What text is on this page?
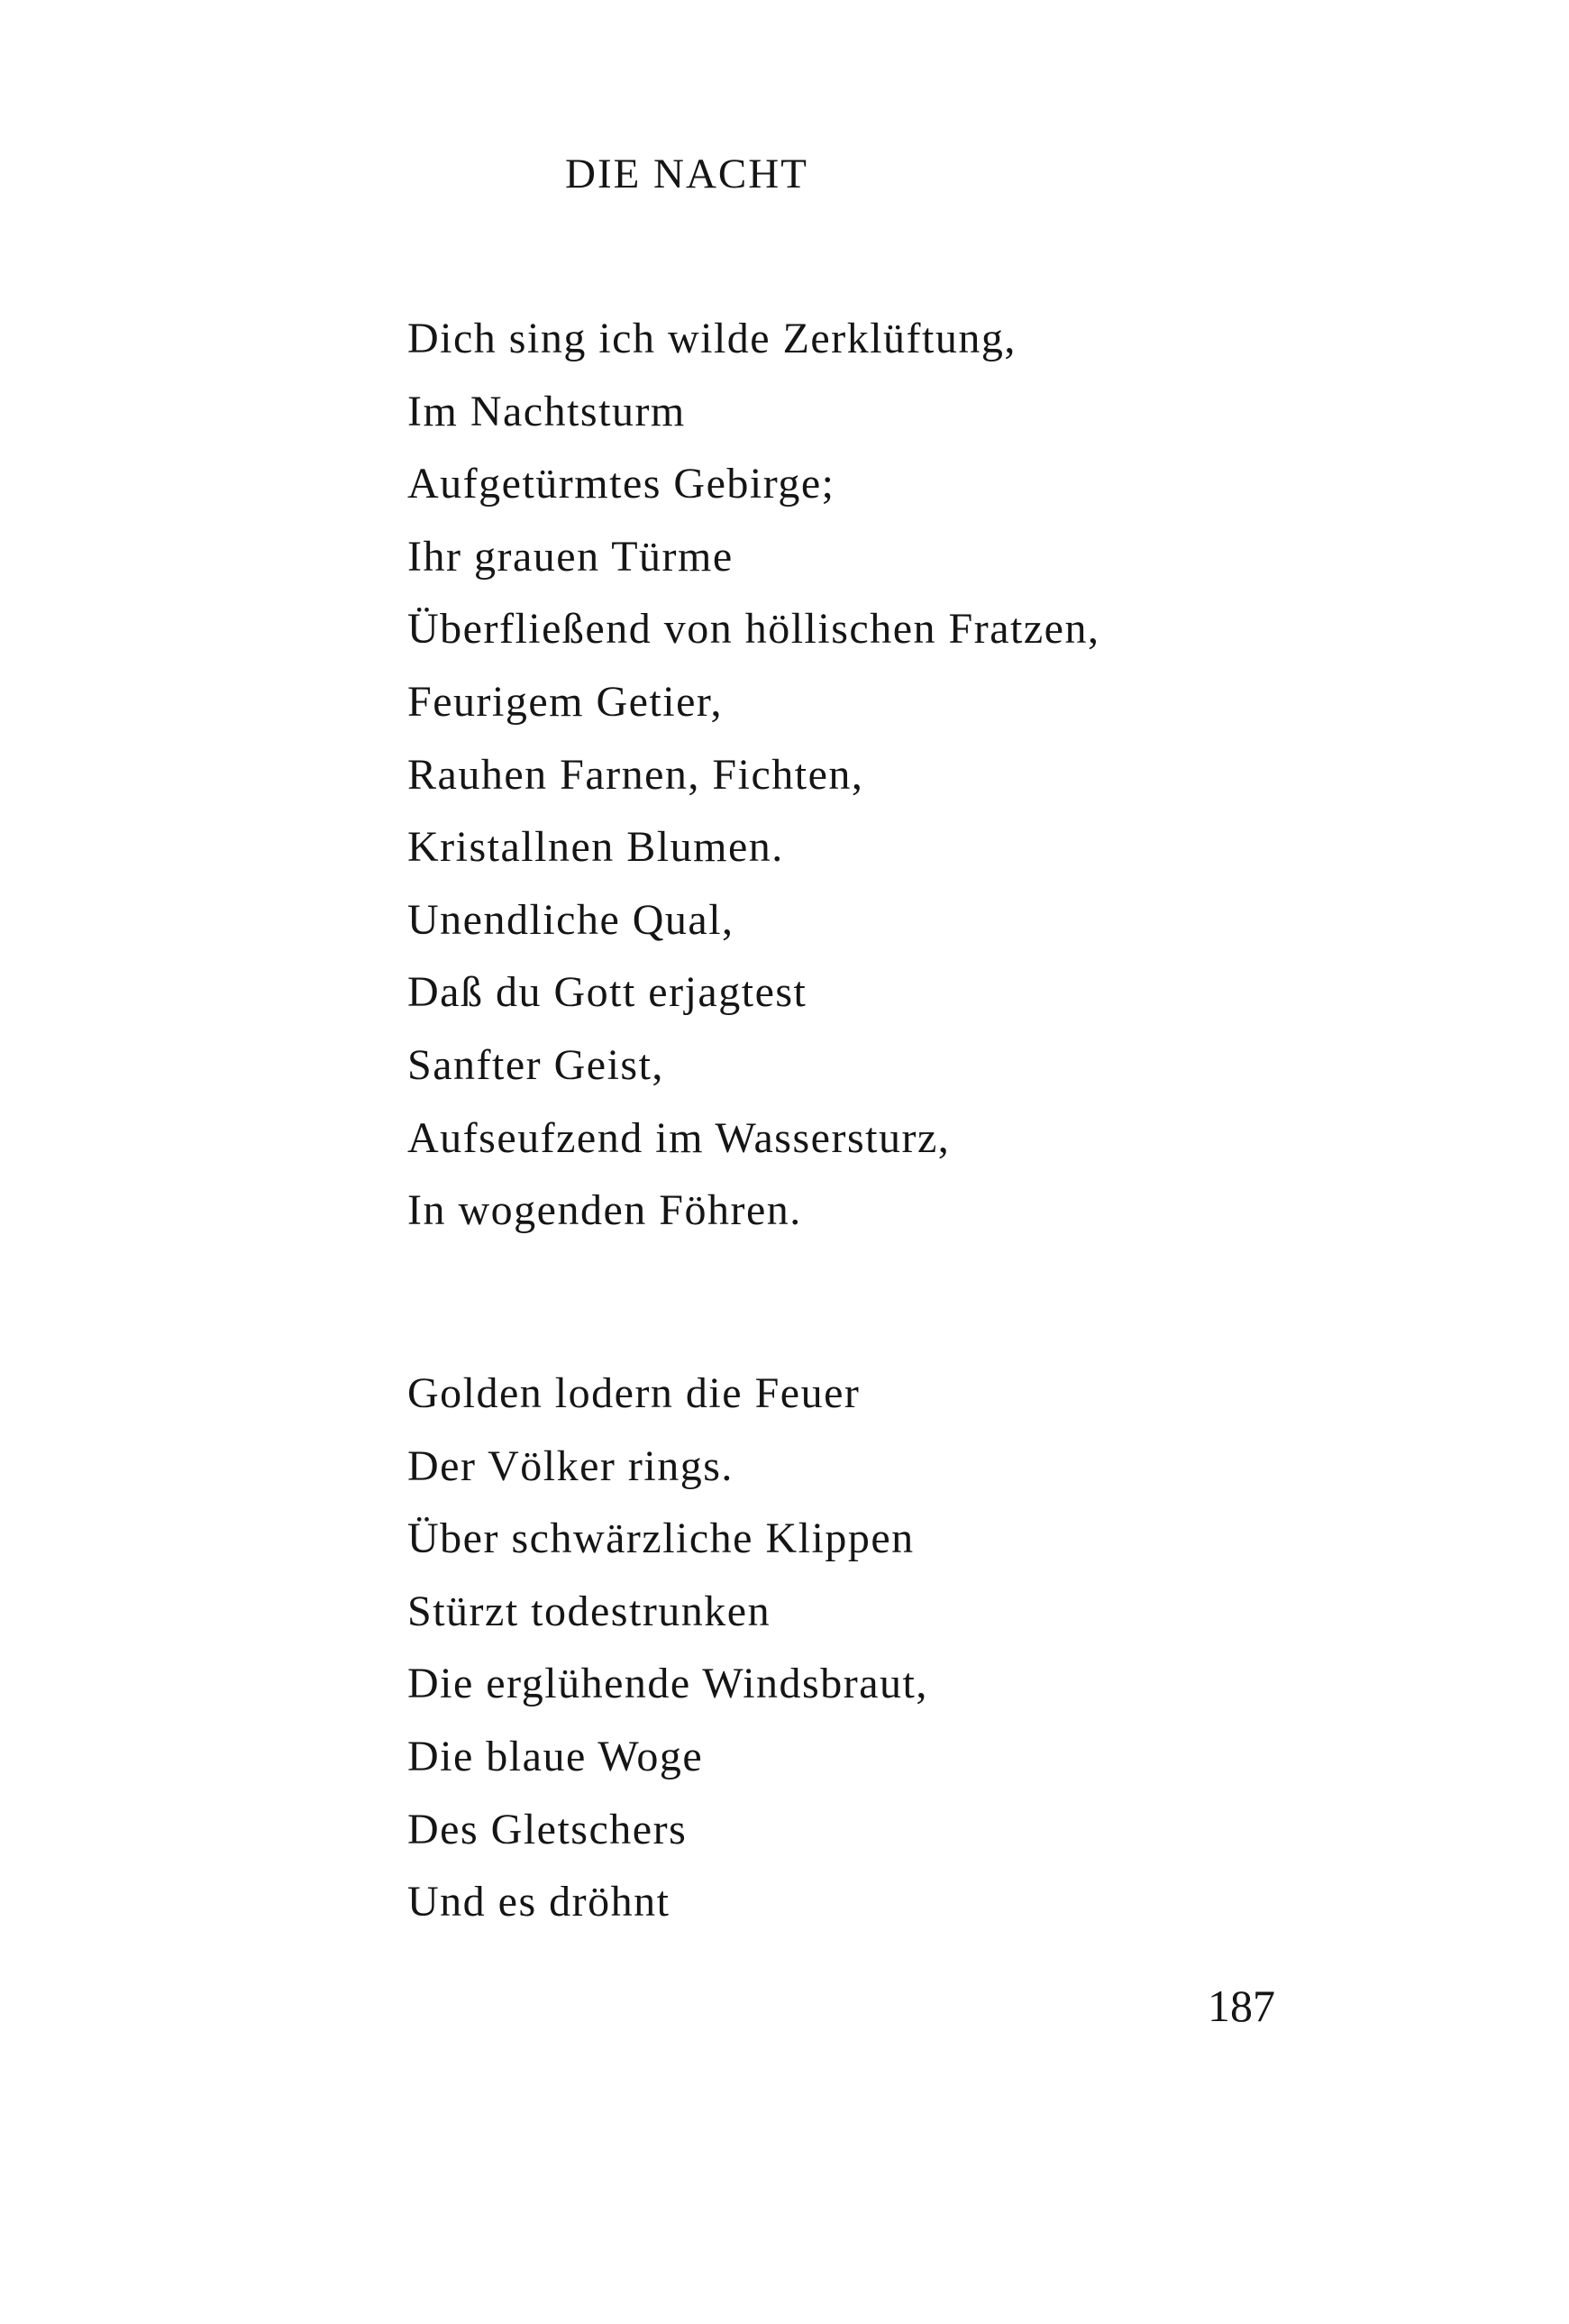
DIE NACHT
Dich sing ich wilde Zerklüftung,
Im Nachtsturm
Aufgetürmtes Gebirge;
Ihr grauen Türme
Überfließend von höllischen Fratzen,
Feurigem Getier,
Rauhen Farnen, Fichten,
Kristallnen Blumen.
Unendliche Qual,
Daß du Gott erjagtest
Sanfter Geist,
Aufseufzend im Wassersturz,
In wogenden Föhren.
Golden lodern die Feuer
Der Völker rings.
Über schwärzliche Klippen
Stürzt todestrunken
Die erglühende Windsbraut,
Die blaue Woge
Des Gletschers
Und es dröhnt
187
